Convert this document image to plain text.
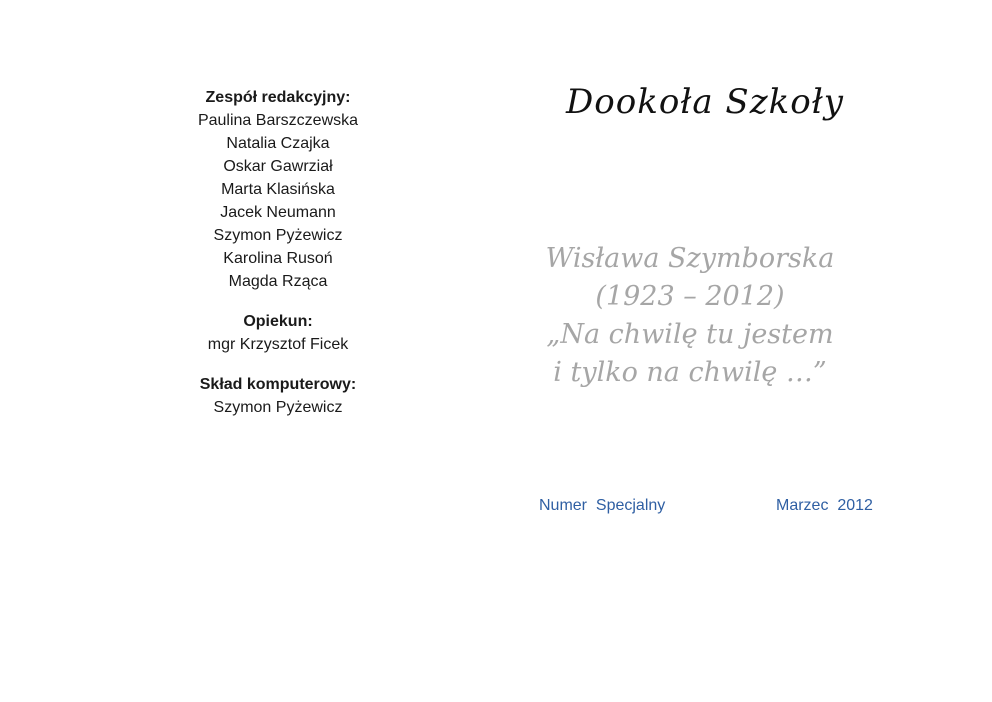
Zespół redakcyjny:
Paulina Barszczewska
Natalia Czajka
Oskar Gawrział
Marta Klasińska
Jacek Neumann
Szymon Pyżewicz
Karolina Rusoń
Magda Rząca
Opiekun:
mgr Krzysztof Ficek
Skład komputerowy:
Szymon Pyżewicz
Dookoła Szkoły
Wisława Szymborska
(1923 – 2012)
„Na chwilę tu jestem
i tylko na chwilę …”
Numer  Specjalny	Marzec  2012
